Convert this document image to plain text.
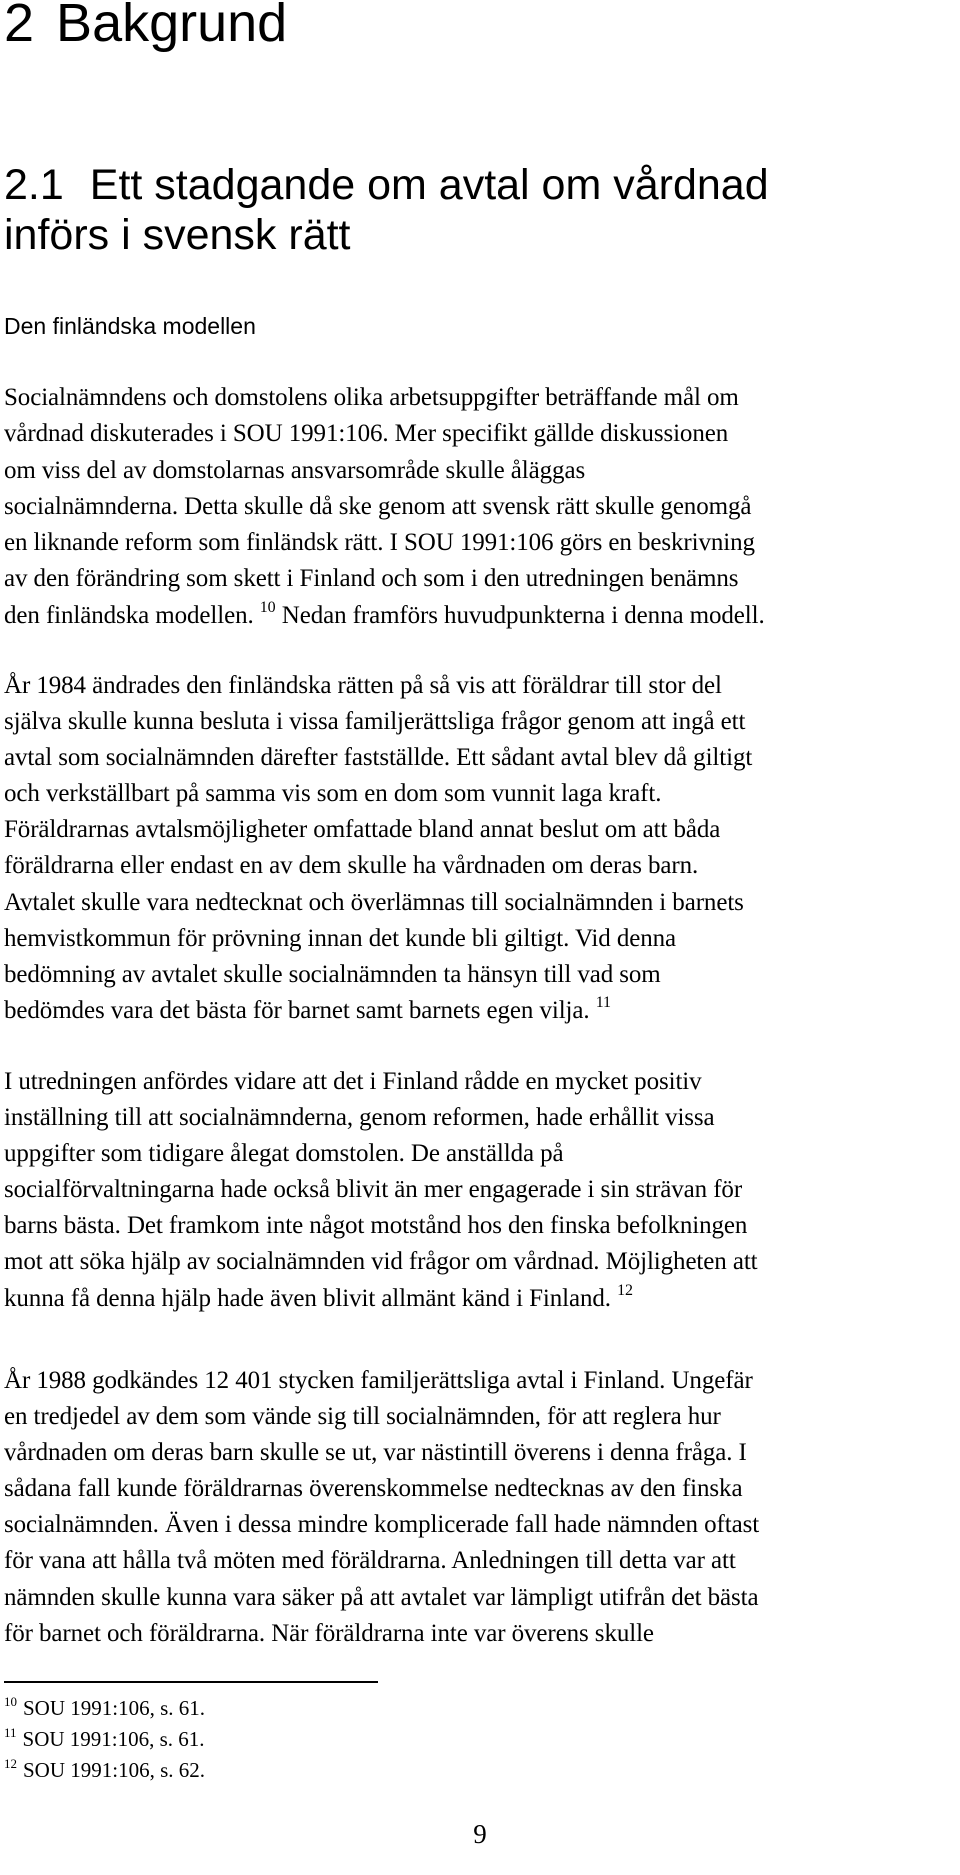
2 Bakgrund
2.1 Ett stadgande om avtal om vårdnad
införs i svensk rätt

Den finländska modellen

Socialnämndens och domstolens olika arbetsuppgifter beträffande mål om
vårdnad diskuterades i SOU 1991:106. Mer specifikt gällde diskussionen
om viss del av domstolarnas ansvarsområde skulle åläggas
socialnämnderna. Detta skulle då ske genom att svensk rätt skulle genomgå
en liknande reform som finländsk rätt. I SOU 1991:106 görs en beskrivning
av den förändring som skett i Finland och som i den utredningen benämns
den finländska modellen. $^{10}$ Nedan framförs huvudpunkterna i denna modell.

År 1984 ändrades den finländska rätten på så vis att föräldrar till stor del
själva skulle kunna besluta i vissa familjerättsliga frågor genom att ingå ett
avtal som socialnämnden därefter fastställde. Ett sådant avtal blev då giltigt
och verkställbart på samma vis som en dom som vunnit laga kraft.
Föräldrarnas avtalsmöjligheter omfattade bland annat beslut om att båda
föräldrarna eller endast en av dem skulle ha vårdnaden om deras barn.
Avtalet skulle vara nedtecknat och överlämnas till socialnämnden i barnets
hemvistkommun för prövning innan det kunde bli giltigt. Vid denna
bedömning av avtalet skulle socialnämnden ta hänsyn till vad som
bedömdes vara det bästa för barnet samt barnets egen vilja. $^{11}$

I utredningen anfördes vidare att det i Finland rådde en mycket positiv
inställning till att socialnämnderna, genom reformen, hade erhållit vissa
uppgifter som tidigare ålegat domstolen. De anställda på
socialförvaltningarna hade också blivit än mer engagerade i sin strävan för
barns bästa. Det framkom inte något motstånd hos den finska befolkningen
mot att söka hjälp av socialnämnden vid frågor om vårdnad. Möjligheten att
kunna få denna hjälp hade även blivit allmänt känd i Finland. $^{12}$

År 1988 godkändes 12 401 stycken familjerättsliga avtal i Finland. Ungefär
en tredjedel av dem som vände sig till socialnämnden, för att reglera hur
vårdnaden om deras barn skulle se ut, var nästintill överens i denna fråga. I
sådana fall kunde föräldrarnas överenskommelse nedtecknas av den finska
socialnämnden. Även i dessa mindre komplicerade fall hade nämnden oftast
för vana att hålla två möten med föräldrarna. Anledningen till detta var att
nämnden skulle kunna vara säker på att avtalet var lämpligt utifrån det bästa
för barnet och föräldrarna. När föräldrarna inte var överens skulle

$^{10}$ SOU 1991:106, s. 61.
$^{11}$ SOU 1991:106, s. 61.
$^{12}$ SOU 1991:106, s. 62.
9
